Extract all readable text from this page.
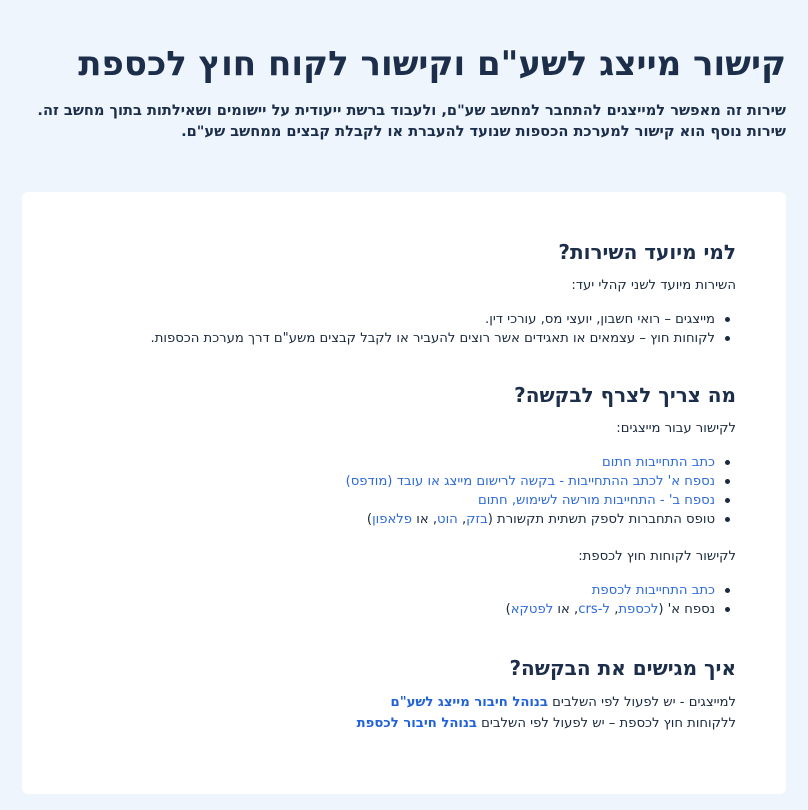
קישור מייצג לשע"ם וקישור לקוח חוץ לכספת
שירות זה מאפשר למייצגים להתחבר למחשב שע"ם, ולעבוד ברשת ייעודית על יישומים ושאילתות בתוך מחשב זה.
שירות נוסף הוא קישור למערכת הכספות שנועד להעברת או לקבלת קבצים ממחשב שע"ם.
למי מיועד השירות?

השירות מיועד לשני קהלי יעד:

מייצגים – רואי חשבון, יועצי מס, עורכי דין.
לקוחות חוץ – עצמאים או תאגידים אשר רוצים להעביר או לקבל קבצים משע"ם דרך מערכת הכספות.
מה צריך לצרף לבקשה?

לקישור עבור מייצגים:

כתב התחייבות חתום
נספח א' לכתב ההתחייבות - בקשה לרישום מייצג או עובד (מודפס)
נספח ב' - התחייבות מורשה לשימוש, חתום
טופס התחברות לספק תשתית תקשורת (בזק, הוט, או פלאפון)

לקישור לקוחות חוץ לכספת:

כתב התחייבות לכספת
נספח א' (לכספת, ל-crs, או לפטקא)
איך מגישים את הבקשה?

למייצגים - יש לפעול לפי השלבים בנוהל חיבור מייצג לשע"ם

ללקוחות חוץ לכספת – יש לפעול לפי השלבים בנוהל חיבור לכספת
